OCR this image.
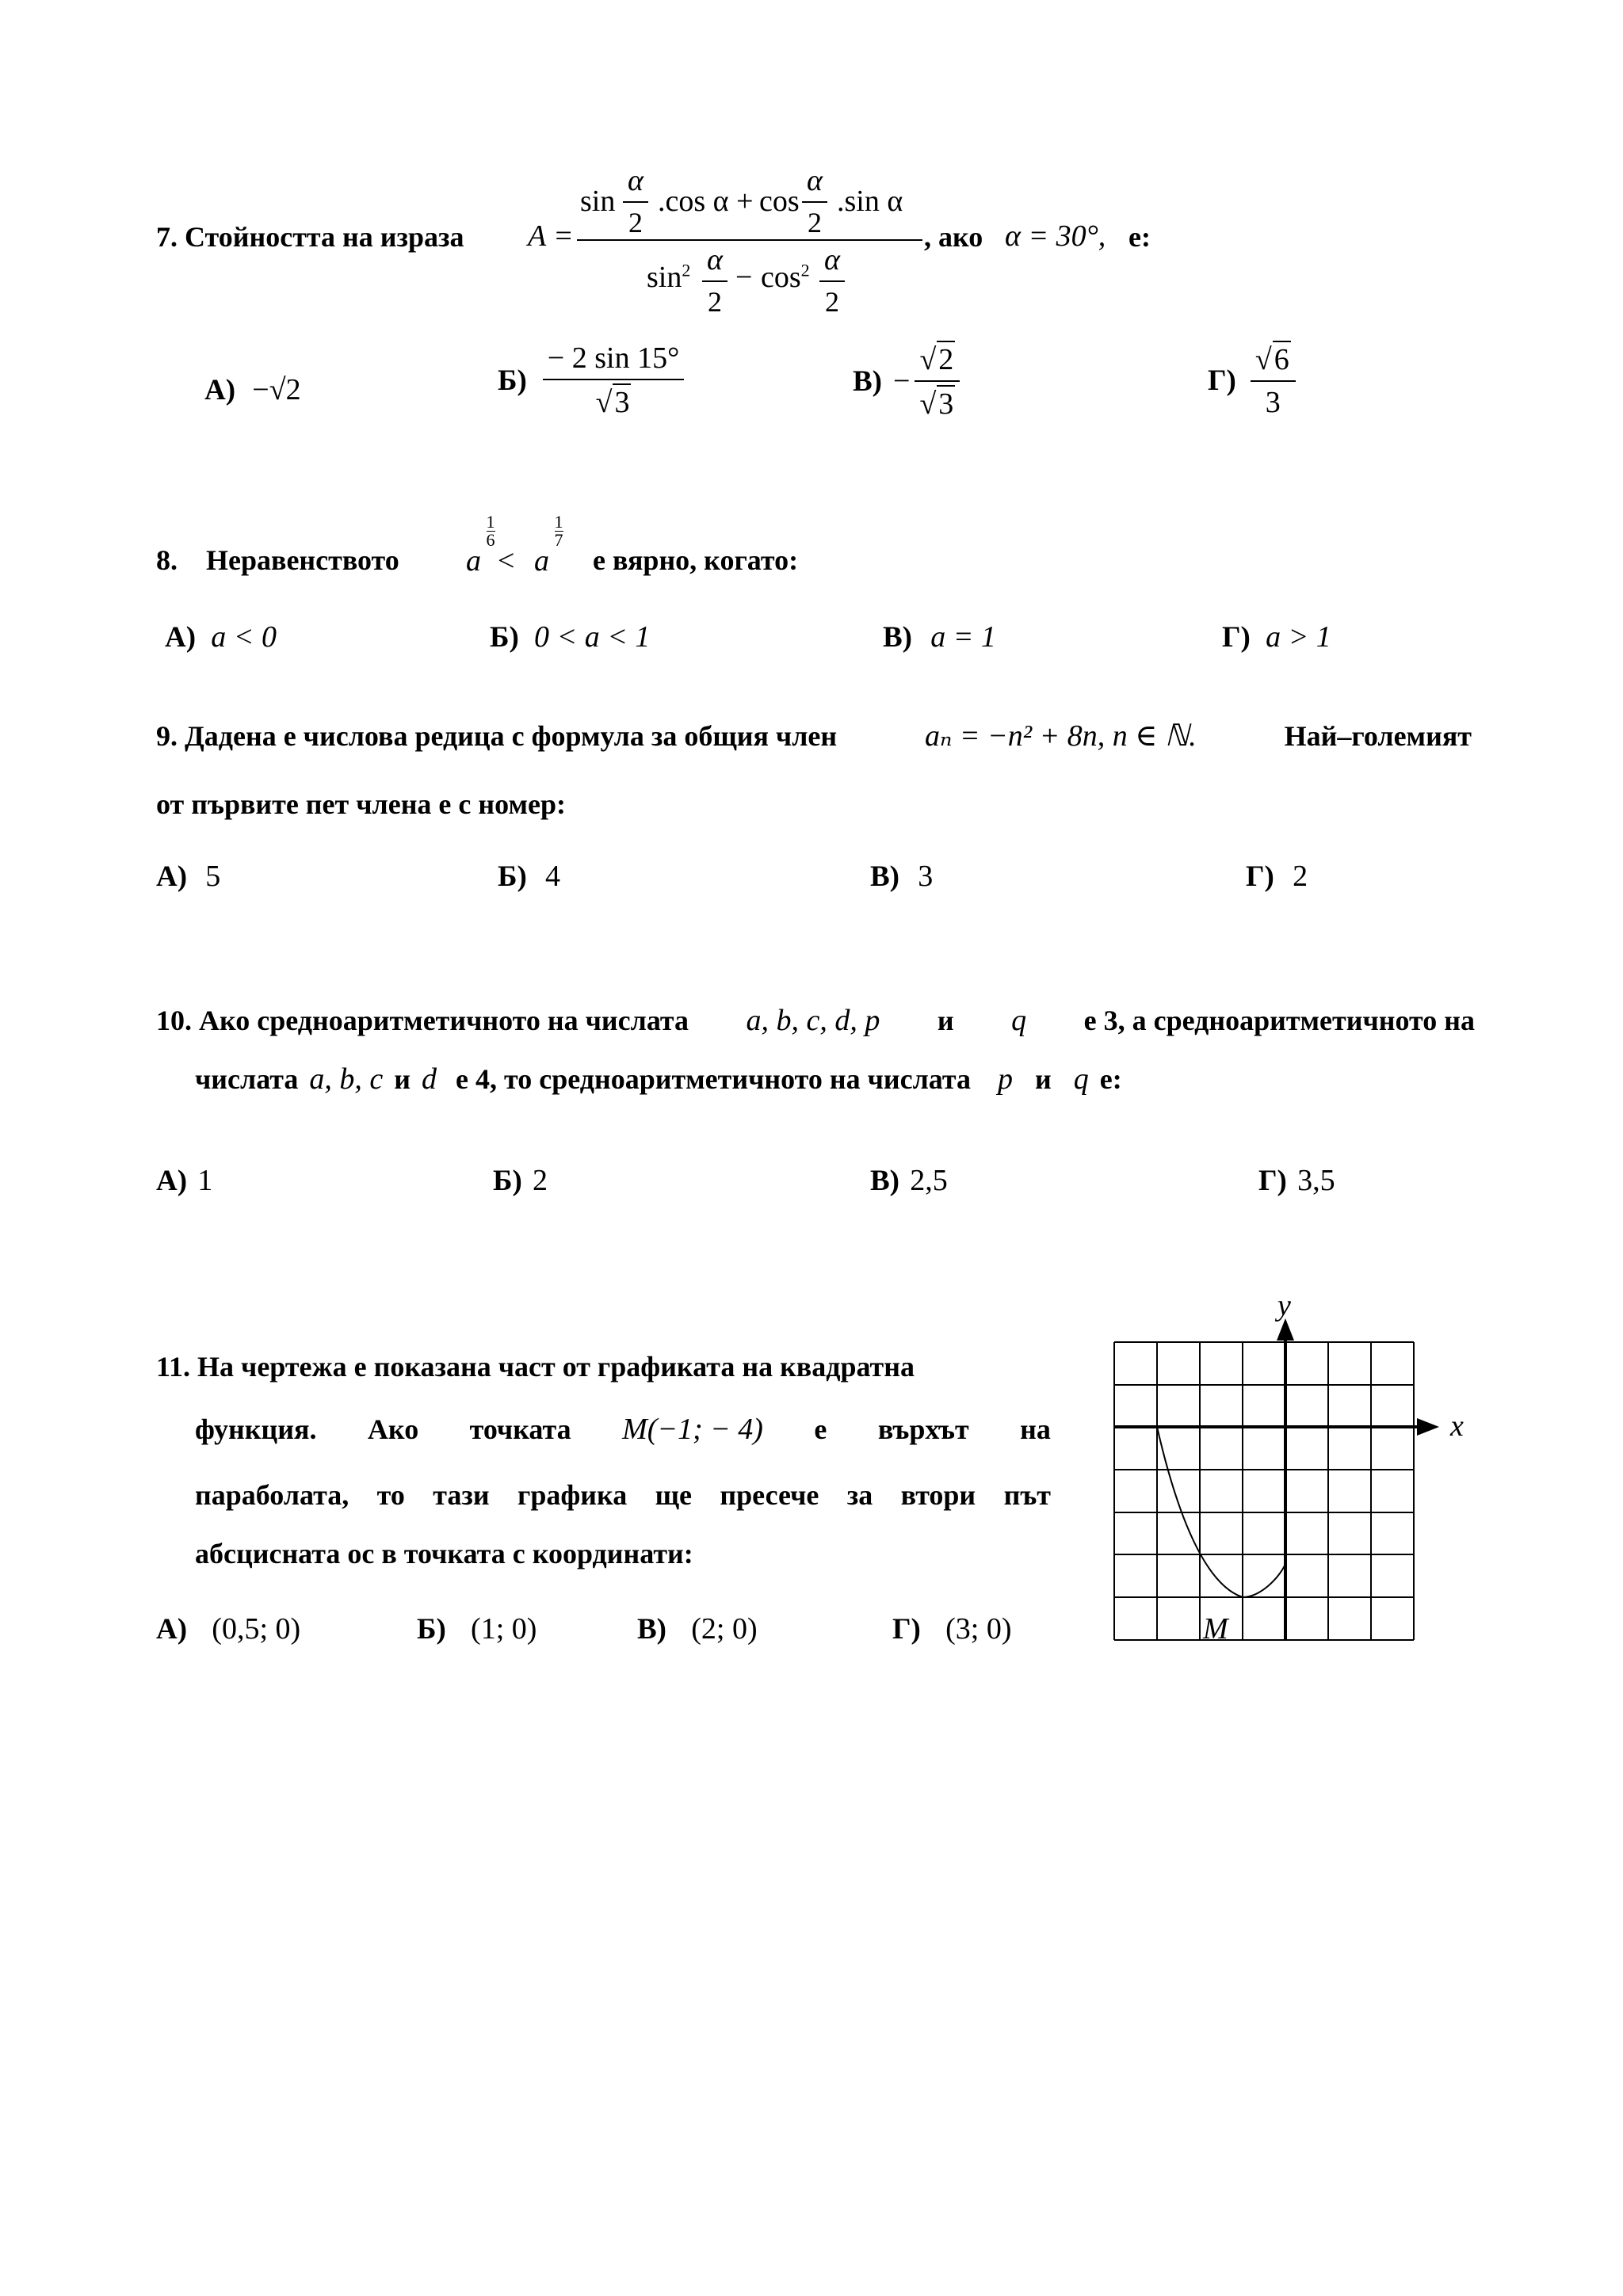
7. Стойността на израза A =
$\sin \frac{\alpha}{2} .\cos$ $\alpha + \cos \frac{\alpha}{2} .\sin$ α
$\sin^2 \frac{\alpha}{2} - \cos^2 \frac{\alpha}{2}$
, ако α = 30°, е:
А) −√2	$Б) \frac{- 2 \sin 15^\circ}{√3}$	$В) - \frac{√2}{√3}$	$Г) \frac{√6}{3}$
8. Неравенството a
$\frac{1}{6}$
< a
$\frac{1}{7}$
е вярно, когато:
А) a < 0	Б) 0 < a < 1	В) a = 1	Г) a > 1
9. Дадена е числова редица с формула за общия член	aₙ = −n² + 8n, n ∈ ℕ.	Най–големият
от първите пет члена е с номер:
А) 5	Б) 4	В) 3	Г) 2
10. Ако средноаритметичното на числата a, b, c, d, p и q е 3, а средноаритметичното на
числата a, b, c и d е 4, то средноаритметичното на числата p и q е:
А) 1	Б) 2	В) 2,5	Г) 3,5
11. На чертежа е показана част от графиката на квадратна
функция. Ако точката M(−1; − 4) е върхът на
параболата, то тази графика ще пресече за втори път
абсцисната ос в точката с координати:
А) (0,5; 0)	Б) (1; 0)	В) (2; 0)	Г) (3; 0)
x
y
M
